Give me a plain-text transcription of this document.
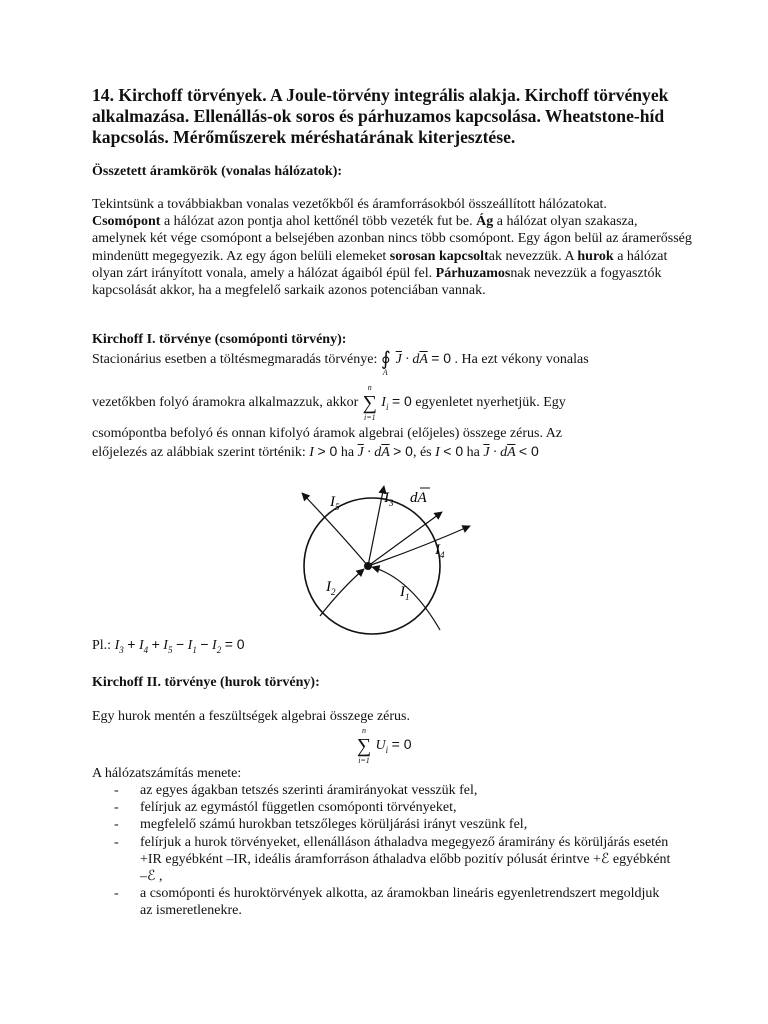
14. Kirchoff törvények. A Joule-törvény integrális alakja. Kirchoff törvények alkalmazása. Ellenállás-ok soros és párhuzamos kapcsolása. Wheatstone-híd kapcsolás. Mérőműszerek méréshatárának kiterjesztése.
Összetett áramkörök (vonalas hálózatok):

Tekintsünk a továbbiakban vonalas vezetőkből és áramforrásokból összeállított hálózatokat.
Csomópont a hálózat azon pontja ahol kettőnél több vezeték fut be. Ág a hálózat olyan szakasza, amelynek két vége csomópont a belsejében azonban nincs több csomópont. Egy ágon belül az áramerősség mindenütt megegyezik. Az egy ágon belüli elemeket sorosan kapcsoltak nevezzük. A hurok a hálózat olyan zárt irányított vonala, amely a hálózat ágaiból épül fel. Párhuzamosnak nevezzük a fogyasztók kapcsolását akkor, ha a megfelelő sarkaik azonos potenciában vannak.

Kirchoff I. törvénye (csomóponti törvény):
Stacionárius esetben a töltésmegmaradás törvénye: $∮_A\overline{J} \cdot d\overline{A} = 0$ . Ha ezt vékony vonalas
vezetőkben folyó áramokra alkalmazzuk, akkor ∑
n
i=1
$I_i = 0$ egyenletet nyerhetjük. Egy
csomópontba befolyó és onnan kifolyó áramok algebrai (előjeles) összege zérus. Az
előjelezés az alábbiak szerint történik: I > 0 ha $\overline{J} \cdot d\overline{A} > 0$, és I < 0 ha $\overline{J} \cdot d\overline{A} < 0$
$I_5$
$I_3$ dA
$I_4$
$I_2$	$I_1$
Pl.: $I_3 + I_4 + I_5 - I_1 - I_2 = 0$
Kirchoff II. törvénye (hurok törvény):
Egy hurok mentén a feszültségek algebrai összege zérus.
∑
n
i=1
$U_i = 0$
A hálózatszámítás menete:
- az egyes ágakban tetszés szerinti áramirányokat vesszük fel,
- felírjuk az egymástól független csomóponti törvényeket,
- megfelelő számú hurokban tetszőleges körüljárási irányt veszünk fel,
- felírjuk a hurok törvényeket, ellenálláson áthaladva megegyező áramirány és körüljárás esetén +IR egyébként –IR, ideális áramforráson áthaladva előbb pozitív pólusát érintve +ℰ egyébként –ℰ ,
- a csomóponti és huroktörvények alkotta, az áramokban lineáris egyenletrendszert megoldjuk az ismeretlenekre.
